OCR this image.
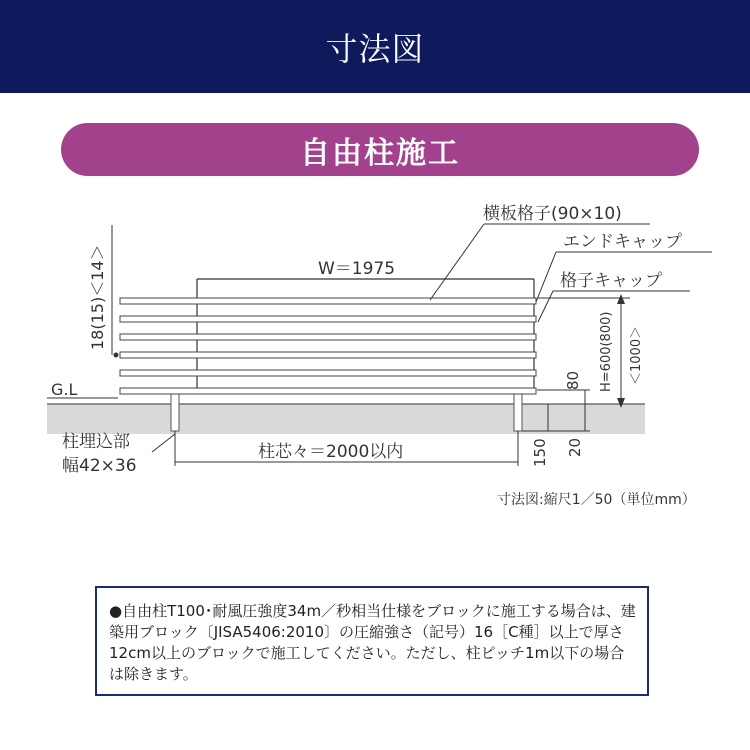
寸法図
自由柱施工
横板格子(90×10)
エンドキャップ
格子キャップ
W＝1975
18(15)＜14＞
G.L
柱埋込部
幅42×36
柱芯々＝2000以内
80 H=600(800) ＜1000＞
150 20
寸法図:縮尺1／50（単位mm）

●自由柱T100･耐風圧強度34m／秒相当仕様をブロックに施工する場合は、建築用ブロック〔JISA5406:2010〕の圧縮強さ（記号）16［C種］以上で厚さ12cm以上のブロックで施工してください。ただし、柱ピッチ1m以下の場合は除きます。
